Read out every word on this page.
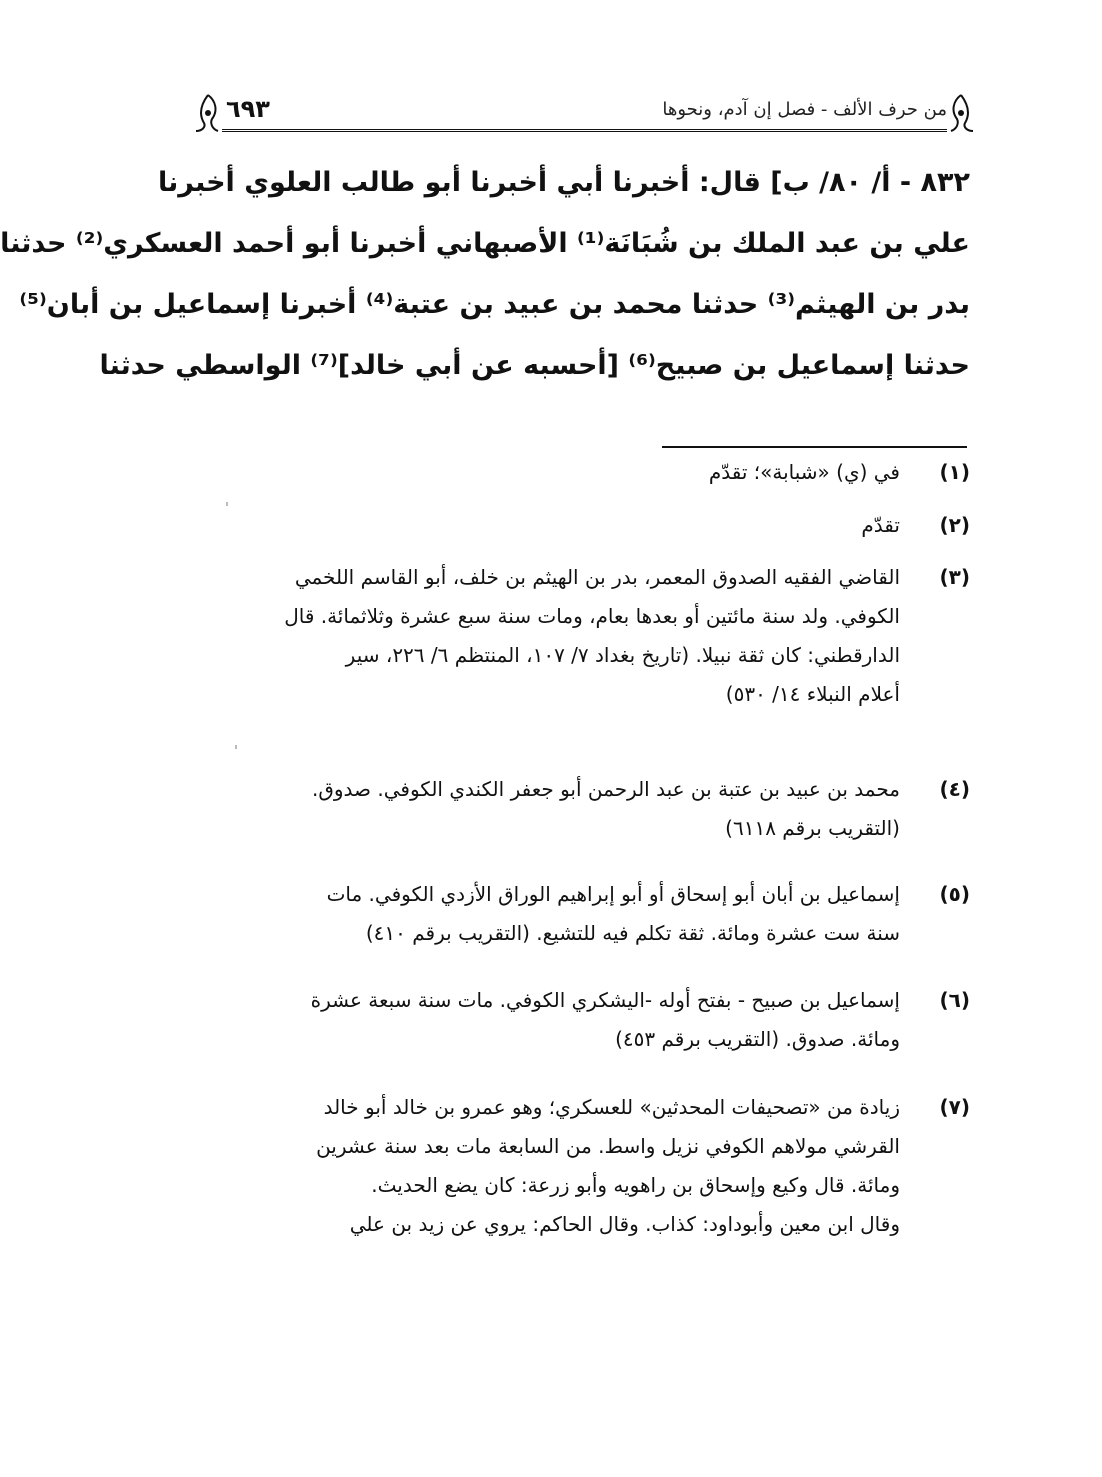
من حرف الألف - فصل إن آدم، ونحوها
٦٩٣
٨٣٢ - أ/ ٨٠/ ب] قال: أخبرنا أبي أخبرنا أبو طالب العلوي أخبرنا
علي بن عبد الملك بن شُبَانَة⁽¹⁾ الأصبهاني أخبرنا أبو أحمد العسكري⁽²⁾ حدثنا
بدر بن الهيثم⁽³⁾ حدثنا محمد بن عبيد بن عتبة⁽⁴⁾ أخبرنا إسماعيل بن أبان⁽⁵⁾
حدثنا إسماعيل بن صبيح⁽⁶⁾ [أحسبه عن أبي خالد]⁽⁷⁾ الواسطي حدثنا
(١)
في (ي) «شبابة»؛ تقدّم
(٢)
تقدّم
(٣)
القاضي الفقيه الصدوق المعمر، بدر بن الهيثم بن خلف، أبو القاسم اللخمي
الكوفي. ولد سنة مائتين أو بعدها بعام، ومات سنة سبع عشرة وثلاثمائة. قال
الدارقطني: كان ثقة نبيلا. (تاريخ بغداد ٧/ ١٠٧، المنتظم ٦/ ٢٢٦، سير
أعلام النبلاء ١٤/ ٥٣٠)
(٤)
محمد بن عبيد بن عتبة بن عبد الرحمن أبو جعفر الكندي الكوفي. صدوق.
(التقريب برقم ٦١١٨)
(٥)
إسماعيل بن أبان أبو إسحاق أو أبو إبراهيم الوراق الأزدي الكوفي. مات
سنة ست عشرة ومائة. ثقة تكلم فيه للتشيع. (التقريب برقم ٤١٠)
(٦)
إسماعيل بن صبيح - بفتح أوله -اليشكري الكوفي. مات سنة سبعة عشرة
ومائة. صدوق. (التقريب برقم ٤٥٣)
(٧)
زيادة من «تصحيفات المحدثين» للعسكري؛ وهو عمرو بن خالد أبو خالد
القرشي مولاهم الكوفي نزيل واسط. من السابعة مات بعد سنة عشرين
ومائة. قال وكيع وإسحاق بن راهويه وأبو زرعة: كان يضع الحديث.
وقال ابن معين وأبوداود: كذاب. وقال الحاكم: يروي عن زيد بن علي
